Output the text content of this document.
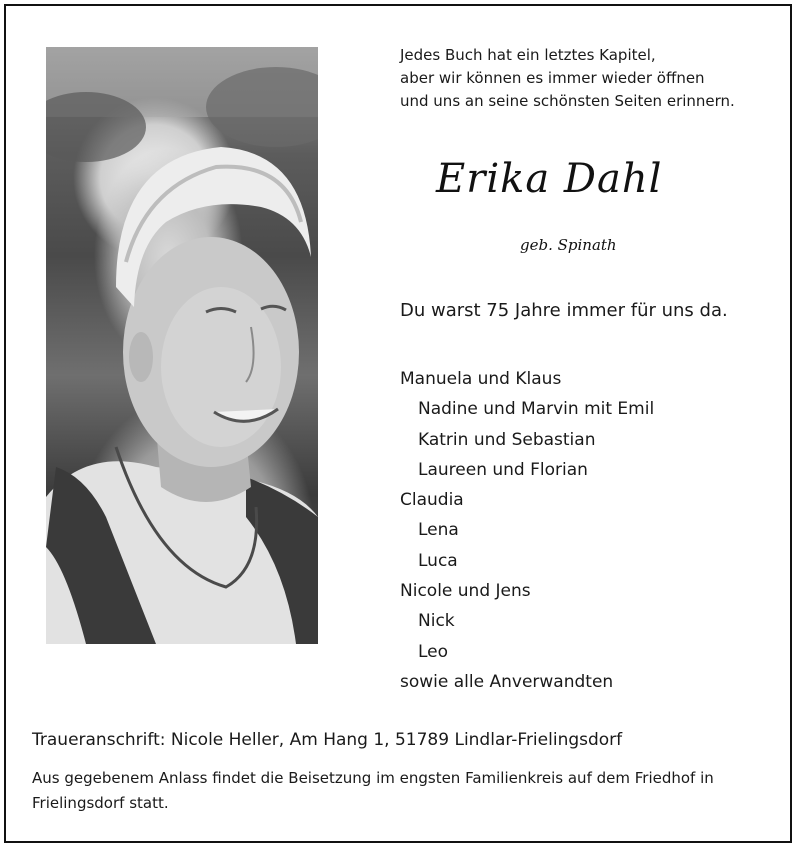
Jedes Buch hat ein letztes Kapitel,
aber wir können es immer wieder öffnen
und uns an seine schönsten Seiten erinnern.
Erika Dahl
geb. Spinath
Du warst 75 Jahre immer für uns da.
Manuela und Klaus
Nadine und Marvin mit Emil
Katrin und Sebastian
Laureen und Florian
Claudia
Lena
Luca
Nicole und Jens
Nick
Leo
sowie alle Anverwandten
Traueranschrift: Nicole Heller, Am Hang 1, 51789 Lindlar-Frielingsdorf
Aus gegebenem Anlass findet die Beisetzung im engsten Familienkreis auf dem Friedhof in Frielingsdorf statt.
